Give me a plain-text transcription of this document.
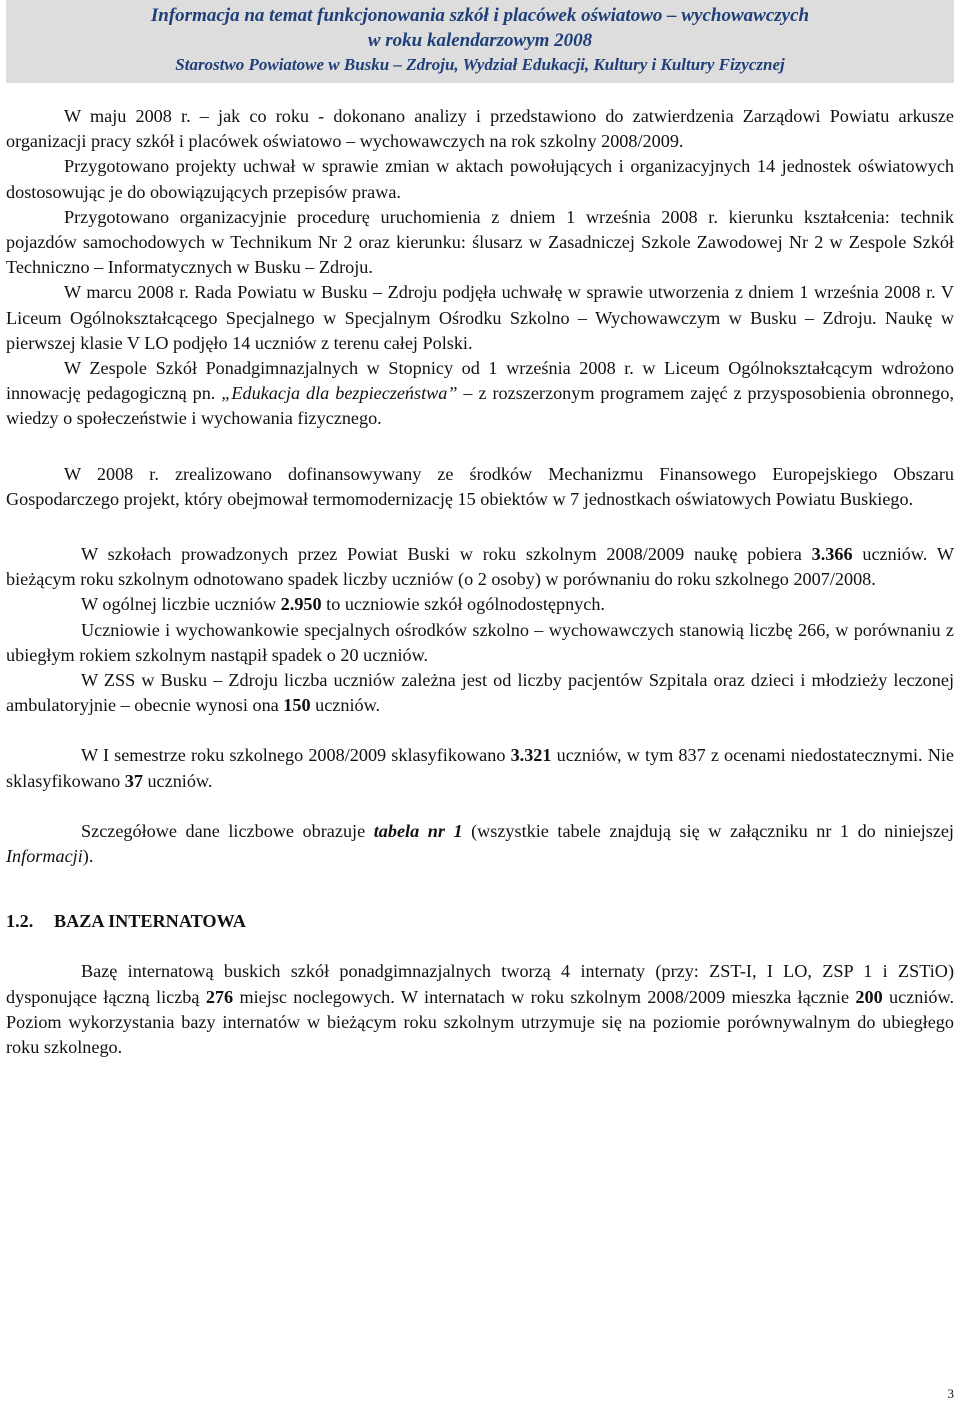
Informacja na temat funkcjonowania szkół i placówek oświatowo – wychowawczych
w roku kalendarzowym 2008
Starostwo Powiatowe w Busku – Zdroju, Wydział Edukacji, Kultury i Kultury Fizycznej

W maju 2008 r. – jak co roku - dokonano analizy i przedstawiono do zatwierdzenia Zarządowi Powiatu arkusze organizacji pracy szkół i placówek oświatowo – wychowawczych na rok szkolny 2008/2009.

Przygotowano projekty uchwał w sprawie zmian w aktach powołujących i organizacyjnych 14 jednostek oświatowych dostosowując je do obowiązujących przepisów prawa.

Przygotowano organizacyjnie procedurę uruchomienia z dniem 1 września 2008 r. kierunku kształcenia: technik pojazdów samochodowych w Technikum Nr 2 oraz kierunku: ślusarz w Zasadniczej Szkole Zawodowej Nr 2 w Zespole Szkół Techniczno – Informatycznych w Busku – Zdroju.

W marcu 2008 r. Rada Powiatu w Busku – Zdroju podjęła uchwałę w sprawie utworzenia z dniem 1 września 2008 r. V Liceum Ogólnokształcącego Specjalnego w Specjalnym Ośrodku Szkolno – Wychowawczym w Busku – Zdroju. Naukę w pierwszej klasie V LO podjęło 14 uczniów z terenu całej Polski.

W Zespole Szkół Ponadgimnazjalnych w Stopnicy od 1 września 2008 r. w Liceum Ogólnokształcącym wdrożono innowację pedagogiczną pn. „Edukacja dla bezpieczeństwa” – z rozszerzonym programem zajęć z przysposobienia obronnego, wiedzy o społeczeństwie i wychowania fizycznego.

W 2008 r. zrealizowano dofinansowywany ze środków Mechanizmu Finansowego Europejskiego Obszaru Gospodarczego projekt, który obejmował termomodernizację 15 obiektów w 7 jednostkach oświatowych Powiatu Buskiego.

W szkołach prowadzonych przez Powiat Buski w roku szkolnym 2008/2009 naukę pobiera 3.366 uczniów. W bieżącym roku szkolnym odnotowano spadek liczby uczniów (o 2 osoby) w porównaniu do roku szkolnego 2007/2008.

W ogólnej liczbie uczniów 2.950 to uczniowie szkół ogólnodostępnych.

Uczniowie i wychowankowie specjalnych ośrodków szkolno – wychowawczych stanowią liczbę 266, w porównaniu z ubiegłym rokiem szkolnym nastąpił spadek o 20 uczniów.

W ZSS w Busku – Zdroju liczba uczniów zależna jest od liczby pacjentów Szpitala oraz dzieci i młodzieży leczonej ambulatoryjnie – obecnie wynosi ona 150 uczniów.

W I semestrze roku szkolnego 2008/2009 sklasyfikowano 3.321 uczniów, w tym 837 z ocenami niedostatecznymi. Nie sklasyfikowano 37 uczniów.

Szczegółowe dane liczbowe obrazuje tabela nr 1 (wszystkie tabele znajdują się w załączniku nr 1 do niniejszej Informacji).

1.2. BAZA INTERNATOWA

Bazę internatową buskich szkół ponadgimnazjalnych tworzą 4 internaty (przy: ZST-I, I LO, ZSP 1 i ZSTiO) dysponujące łączną liczbą 276 miejsc noclegowych. W internatach w roku szkolnym 2008/2009 mieszka łącznie 200 uczniów. Poziom wykorzystania bazy internatów w bieżącym roku szkolnym utrzymuje się na poziomie porównywalnym do ubiegłego roku szkolnego.

3
